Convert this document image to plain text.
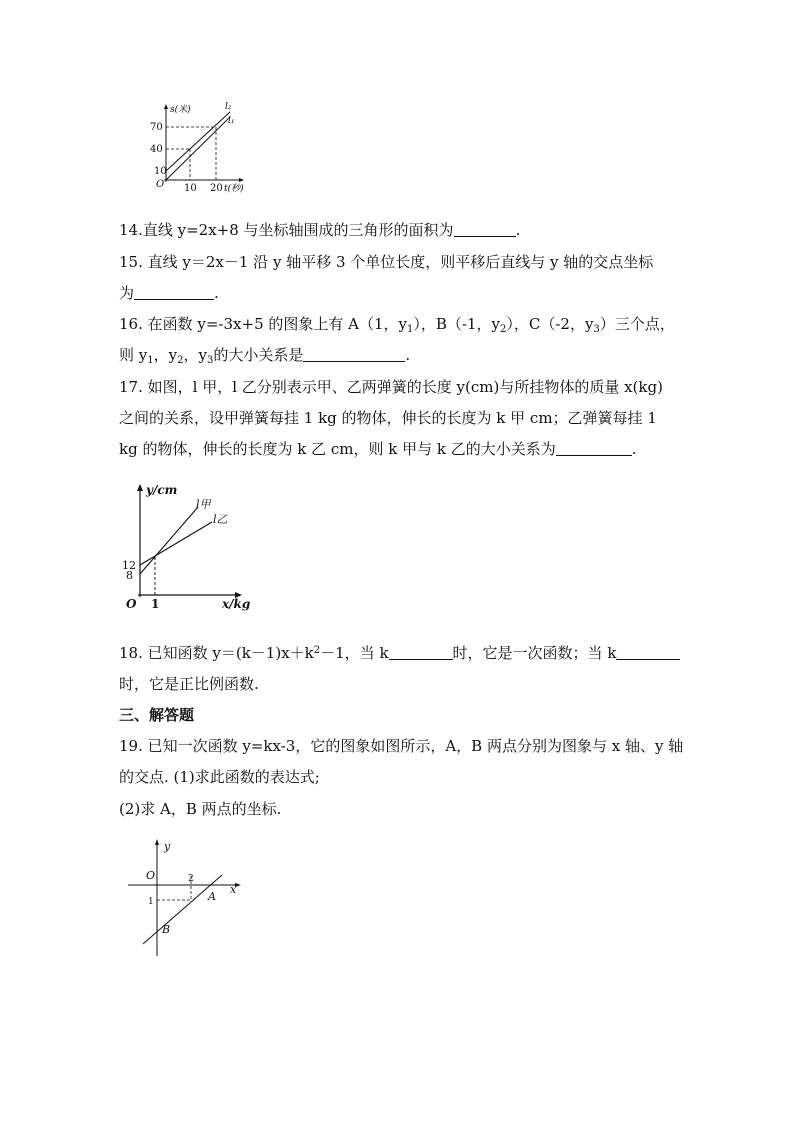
s(米)
70
40
10
O 10 20 t(秒)
l₂
l₁
14.直线 y=2x+8 与坐标轴围成的三角形的面积为	.
15. 直线 y＝2x－1 沿 y 轴平移 3 个单位长度，则平移后直线与 y 轴的交点坐标
为	.
16. 在函数 y=-3x+5 的图象上有 A（1，$y_1$），B（-1，$y_2$），C（-2，$y_3$）三个点，
则 $y_1$，$y_2$，$y_3$的大小关系是	.
17. 如图，l 甲，l 乙分别表示甲、乙两弹簧的长度 y(cm)与所挂物体的质量 x(kg)
之间的关系，设甲弹簧每挂 1 kg 的物体，伸长的长度为 k 甲 cm；乙弹簧每挂 1
kg 的物体，伸长的长度为 k 乙 cm，则 k 甲与 k 乙的大小关系为	.
y/cm
l甲
l乙
12
8
O 1	x/kg
18. 已知函数 $y=(k-1)x+k^2-1$，当 k	时，它是一次函数；当 k
时，它是正比例函数.
三、解答题
19. 已知一次函数 y=kx-3，它的图象如图所示，A，B 两点分别为图象与 x 轴、y 轴
的交点. (1)求此函数的表达式;
(2)求 A，B 两点的坐标.
y
O	2
x
A
1
B
